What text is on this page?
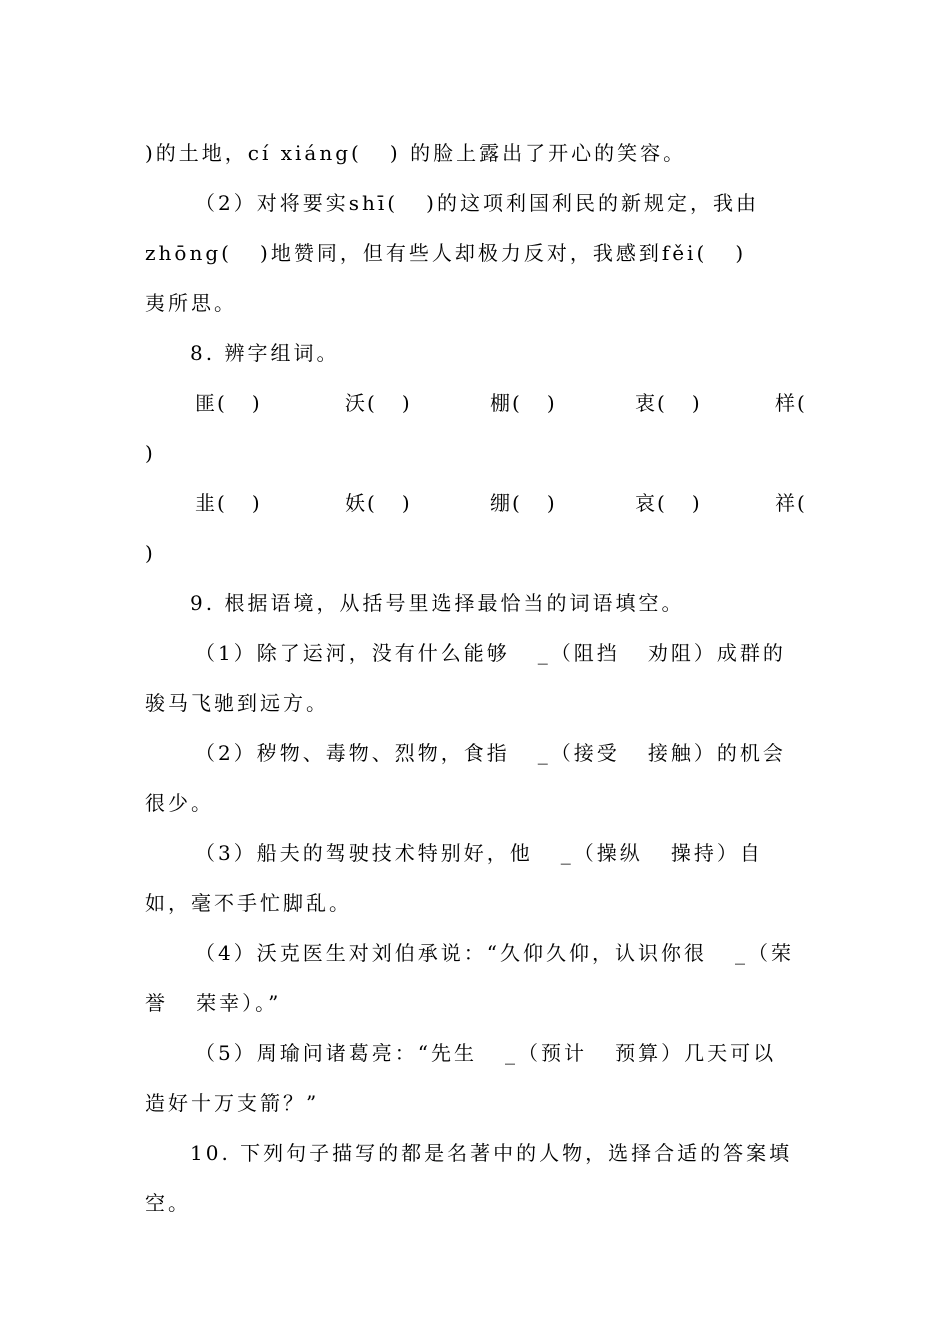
)的土地，cí xiáng(   ) 的脸上露出了开心的笑容。
（2）对将要实shī(   )的这项利国利民的新规定，我由
zhōng(   )地赞同，但有些人却极力反对，我感到fěi(   )
夷所思。
8. 辨字组词。
匪(   )	沃(   )	棚(   )	衷(   )	样(
)
韭(   )	妖(   )	绷(   )	哀(   )	祥(
)
9. 根据语境，从括号里选择最恰当的词语填空。
（1）除了运河，没有什么能够   _（阻挡   劝阻）成群的
骏马飞驰到远方。
（2）秽物、毒物、烈物，食指   _（接受   接触）的机会
很少。
（3）船夫的驾驶技术特别好，他   _（操纵   操持）自
如，毫不手忙脚乱。
（4）沃克医生对刘伯承说：“久仰久仰，认识你很   _（荣
誉   荣幸）。”
（5）周瑜问诸葛亮：“先生   _（预计   预算）几天可以
造好十万支箭？”
10. 下列句子描写的都是名著中的人物，选择合适的答案填
空。
